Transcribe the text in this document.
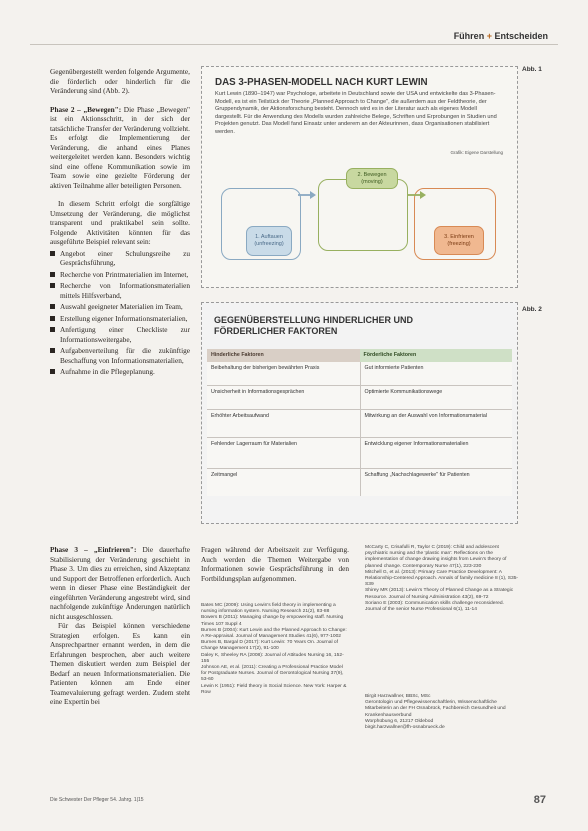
Führen + Entscheiden

Gegenübergestellt werden folgende Argumente, die förderlich oder hinderlich für die Veränderung sind (Abb. 2).

Phase 2 – „Bewegen": Die Phase „Bewegen" ist ein Aktionsschritt, in der sich der tatsächliche Transfer der Veränderung vollzieht. Es erfolgt die Implementierung der Veränderung, die anhand eines Planes weitergeleitet werden kann. Besonders wichtig sind eine offene Kommunikation sowie im Team sowie eine gezielte Förderung der aktiven Teilnahme aller beteiligten Personen.

In diesem Schritt erfolgt die sorgfältige Umsetzung der Veränderung, die möglichst transparent und praktikabel sein sollte. Folgende Aktivitäten könnten für das ausgeführte Beispiel relevant sein:

Angebot einer Schulungsreihe zu Gesprächsführung,
Recherche von Printmaterialien im Internet,
Recherche von Informationsmaterialien mittels Hilfsverband,
Auswahl geeigneter Materialien im Team,
Erstellung eigener Informationsmaterialien,
Anfertigung einer Checkliste zur Informationsweitergabe,
Aufgabenverteilung für die zukünftige Beschaffung von Informationsmaterialien,
Aufnahme in die Pflegeplanung.
Abb. 1
DAS 3-PHASEN-MODELL NACH KURT LEWIN
Kurt Lewin (1890–1947) war Psychologe, arbeitete in Deutschland sowie der USA und entwickelte das 3-Phasen-Modell, es ist ein Teilstück der Theorie „Planned Approach to Change", die außerdem aus der Feldtheorie, der Gruppendynamik, der Aktionsforschung besteht. Dennoch wird es in der Literatur auch als eigenes Modell dargestellt. Für die Anwendung des Modells wurden zahlreiche Belege, Schriften und Erprobungen in Studien und Projekten genutzt. Das Modell fand Einsatz unter anderem an der Akteurinnen, dass Organisationen stabilisiert werden.
Grafik: Eigene Darstellung
1. Auftauen (unfreezing)
2. Bewegen (moving)
3. Einfrieren (freezing)
Abb. 2
GEGENÜBERSTELLUNG HINDERLICHER UND FÖRDERLICHER FAKTOREN
Hinderliche Faktoren	Förderliche Faktoren
Beibehaltung der bisherigen bewährten Praxis	Gut informierte Patienten
Unsicherheit in Informationsgesprächen	Optimierte Kommunikationswege
Erhöhter Arbeitsaufwand	Mitwirkung an der Auswahl von Informationsmaterial
Fehlender Lagerraum für Materialien	Entwicklung eigener Informationsmaterialien
Zeitmangel	Schaffung „Nachschlagewerke" für Patienten

Phase 3 – „Einfrieren": Die dauerhafte Stabilisierung der Veränderung geschieht in Phase 3. Um dies zu erreichen, sind Akzeptanz und Support der Betroffenen erforderlich. Auch wenn in dieser Phase eine Beständigkeit der eingeführten Veränderung angestrebt wird, sind nachfolgende zukünftige Änderungen natürlich nicht ausgeschlossen.

Für das Beispiel können verschiedene Strategien erfolgen. Es kann ein Ansprechpartner ernannt werden, in dem die Erfahrungen besprochen, aber auch weitere Themen diskutiert werden zum Beispiel der Bedarf an neuen Informationsmaterialien. Die Patienten können am Ende einer Teamevaluierung gefragt werden. Zudem steht eine Expertin bei

Fragen während der Arbeitszeit zur Verfügung. Auch werden die Themen Weitergabe von Informationen sowie Gesprächsführung in den Fortbildungsplan aufgenommen.

Bates MC (2009): Using Lewin's field theory in implementing a nursing information system. Nursing Research 21(2), 83-88
Bowers B (2011): Managing change by empowering staff. Nursing Times 107 Suppl 4
Burnes B (2004): Kurt Lewin and the Planned Approach to Change: A Re-appraisal. Journal of Management Studies 41(6), 977-1002
Burnes B, Bargal D (2017): Kurt Lewin: 70 Years On. Journal of Change Management 17(2), 91-100
Daley K, Sheeley RA (2008): Journal of Attitudes Nursing 16, 152-155
Johnson AE, et al. (2011): Creating a Professional Practice Model for Postgraduate Nurses. Journal of Gerontological Nursing 37(9), 53-60
Lewin K (1951): Field theory in Social Science. New York: Harper & Row
McCarty C, Crisafulli R, Taylor C (2019): Child and adolescent psychiatric nursing and the 'plastic man': Reflections on the implementation of change drawing insights from Lewin's theory of planned change. Contemporary Nurse 47(1), 223-230
Mitchell G, et al. (2013): Primary Care Practice Development: A Relationship-Centered Approach. Annals of family medicine 8 (1), S35-S39
Shirey MR (2013): Lewin's Theory of Planned Change as a Strategic Resource. Journal of Nursing Administration 43(2), 69-72
Soriano E (2003): Communication skills challenge reconsidered. Journal of the senior Nurse Professional 6(1), 11-14
Birgit Harzwallner, BBSc, MSc
Gerontologin und Pflegewissenschaftlerin, Wissenschaftliche Mitarbeiterin an der FH Osnabrück, Fachbereich Gesundheit und Krankenhausverbund
Worphübung 6, 21217 Oldebod
birgit.harzwallner@fh-osnabrueck.de
Die Schwester Der Pfleger 54. Jahrg. 1|15	87
